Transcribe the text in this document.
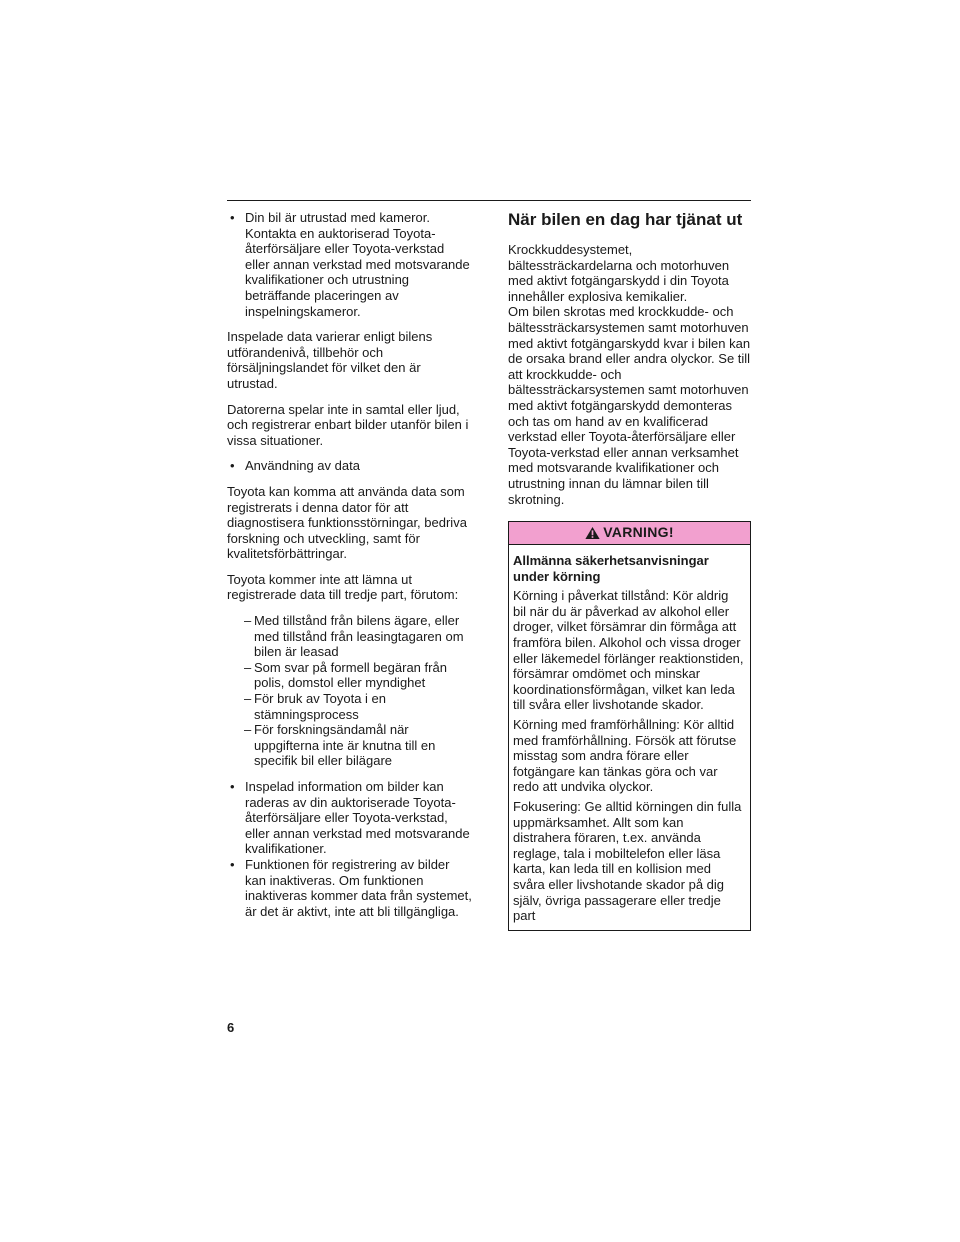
• Din bil är utrustad med kameror. Kontakta en auktoriserad Toyota-återförsäljare eller Toyota-verkstad eller annan verkstad med motsvarande kvalifikationer och utrustning beträffande placeringen av inspelningskameror.

Inspelade data varierar enligt bilens utförandenivå, tillbehör och försäljningslandet för vilket den är utrustad.

Datorerna spelar inte in samtal eller ljud, och registrerar enbart bilder utanför bilen i vissa situationer.

• Användning av data

Toyota kan komma att använda data som registrerats i denna dator för att diagnostisera funktionsstörningar, bedriva forskning och utveckling, samt för kvalitetsförbättringar.

Toyota kommer inte att lämna ut registrerade data till tredje part, förutom:

– Med tillstånd från bilens ägare, eller med tillstånd från leasingtagaren om bilen är leasad
– Som svar på formell begäran från polis, domstol eller myndighet
– För bruk av Toyota i en stämningsprocess
– För forskningsändamål när uppgifterna inte är knutna till en specifik bil eller bilägare
• Inspelad information om bilder kan raderas av din auktoriserade Toyota-återförsäljare eller Toyota-verkstad, eller annan verkstad med motsvarande kvalifikationer.
• Funktionen för registrering av bilder kan inaktiveras. Om funktionen inaktiveras kommer data från systemet, är det är aktivt, inte att bli tillgängliga.
När bilen en dag har tjänat ut

Krockkuddesystemet, bältessträckardelarna och motorhuven med aktivt fotgängarskydd i din Toyota innehåller explosiva kemikalier.

Om bilen skrotas med krockkudde- och bältessträckarsystemen samt motorhuven med aktivt fotgängarskydd kvar i bilen kan de orsaka brand eller andra olyckor. Se till att krockkudde- och bältessträckarsystemen samt motorhuven med aktivt fotgängarskydd demonteras och tas om hand av en kvalificerad verkstad eller Toyota-återförsäljare eller Toyota-verkstad eller annan verksamhet med motsvarande kvalifikationer och utrustning innan du lämnar bilen till skrotning.

VARNING!
Allmänna säkerhetsanvisningar under körning

Körning i påverkat tillstånd: Kör aldrig bil när du är påverkad av alkohol eller droger, vilket försämrar din förmåga att framföra bilen. Alkohol och vissa droger eller läkemedel förlänger reaktionstiden, försämrar omdömet och minskar koordinationsförmågan, vilket kan leda till svåra eller livshotande skador.

Körning med framförhållning: Kör alltid med framförhållning. Försök att förutse misstag som andra förare eller fotgängare kan tänkas göra och var redo att undvika olyckor.

Fokusering: Ge alltid körningen din fulla uppmärksamhet. Allt som kan distrahera föraren, t.ex. använda reglage, tala i mobiltelefon eller läsa karta, kan leda till en kollision med svåra eller livshotande skador på dig själv, övriga passagerare eller tredje part

6
